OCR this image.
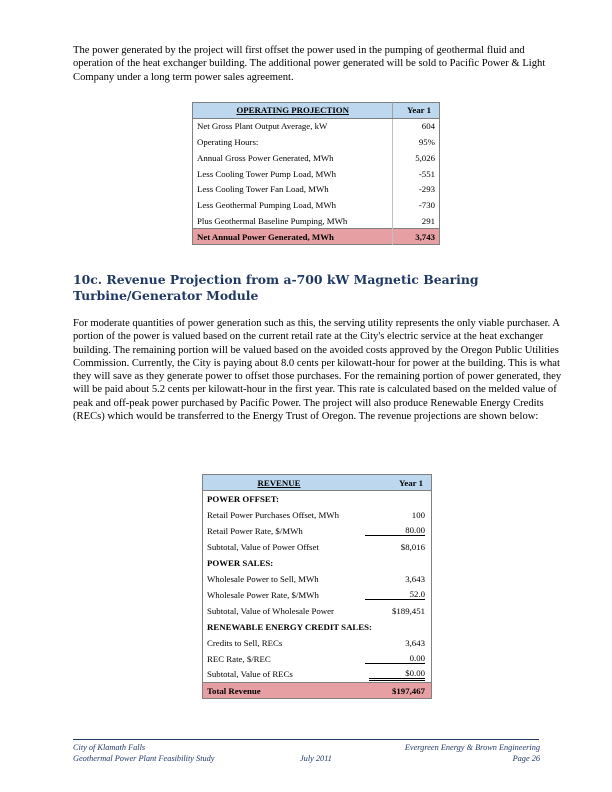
The power generated by the project will first offset the power used in the pumping of geothermal fluid and operation of the heat exchanger building. The additional power generated will be sold to Pacific Power & Light Company under a long term power sales agreement.

OPERATING PROJECTION	Year 1
Net Gross Plant Output Average, kW	604
Operating Hours:	95%
Annual Gross Power Generated, MWh	5,026
Less Cooling Tower Pump Load, MWh	-551
Less Cooling Tower Fan Load, MWh	-293
Less Geothermal Pumping Load, MWh	-730
Plus Geothermal Baseline Pumping, MWh	291
Net Annual Power Generated, MWh	3,743
10c. Revenue Projection from a-700 kW Magnetic Bearing Turbine/Generator Module

For moderate quantities of power generation such as this, the serving utility represents the only viable purchaser. A portion of the power is valued based on the current retail rate at the City's electric service at the heat exchanger building. The remaining portion will be valued based on the avoided costs approved by the Oregon Public Utilities Commission. Currently, the City is paying about 8.0 cents per kilowatt-hour for power at the building. This is what they will save as they generate power to offset those purchases. For the remaining portion of power generated, they will be paid about 5.2 cents per kilowatt-hour in the first year. This rate is calculated based on the melded value of peak and off-peak power purchased by Pacific Power. The project will also produce Renewable Energy Credits (RECs) which would be transferred to the Energy Trust of Oregon. The revenue projections are shown below:

REVENUE	Year 1
POWER OFFSET:	
Retail Power Purchases Offset, MWh	100
Retail Power Rate, $/MWh	80.00
Subtotal, Value of Power Offset	$8,016
POWER SALES:	
Wholesale Power to Sell, MWh	3,643
Wholesale Power Rate, $/MWh	52.0
Subtotal, Value of Wholesale Power	$189,451
RENEWABLE ENERGY CREDIT SALES:	
Credits to Sell, RECs	3,643
REC Rate, $/REC	0.00
Subtotal, Value of RECs	$0.00
Total Revenue	$197,467
City of Klamath Falls
Geothermal Power Plant Feasibility Study	July 2011
Evergreen Energy & Brown Engineering
Page 26
